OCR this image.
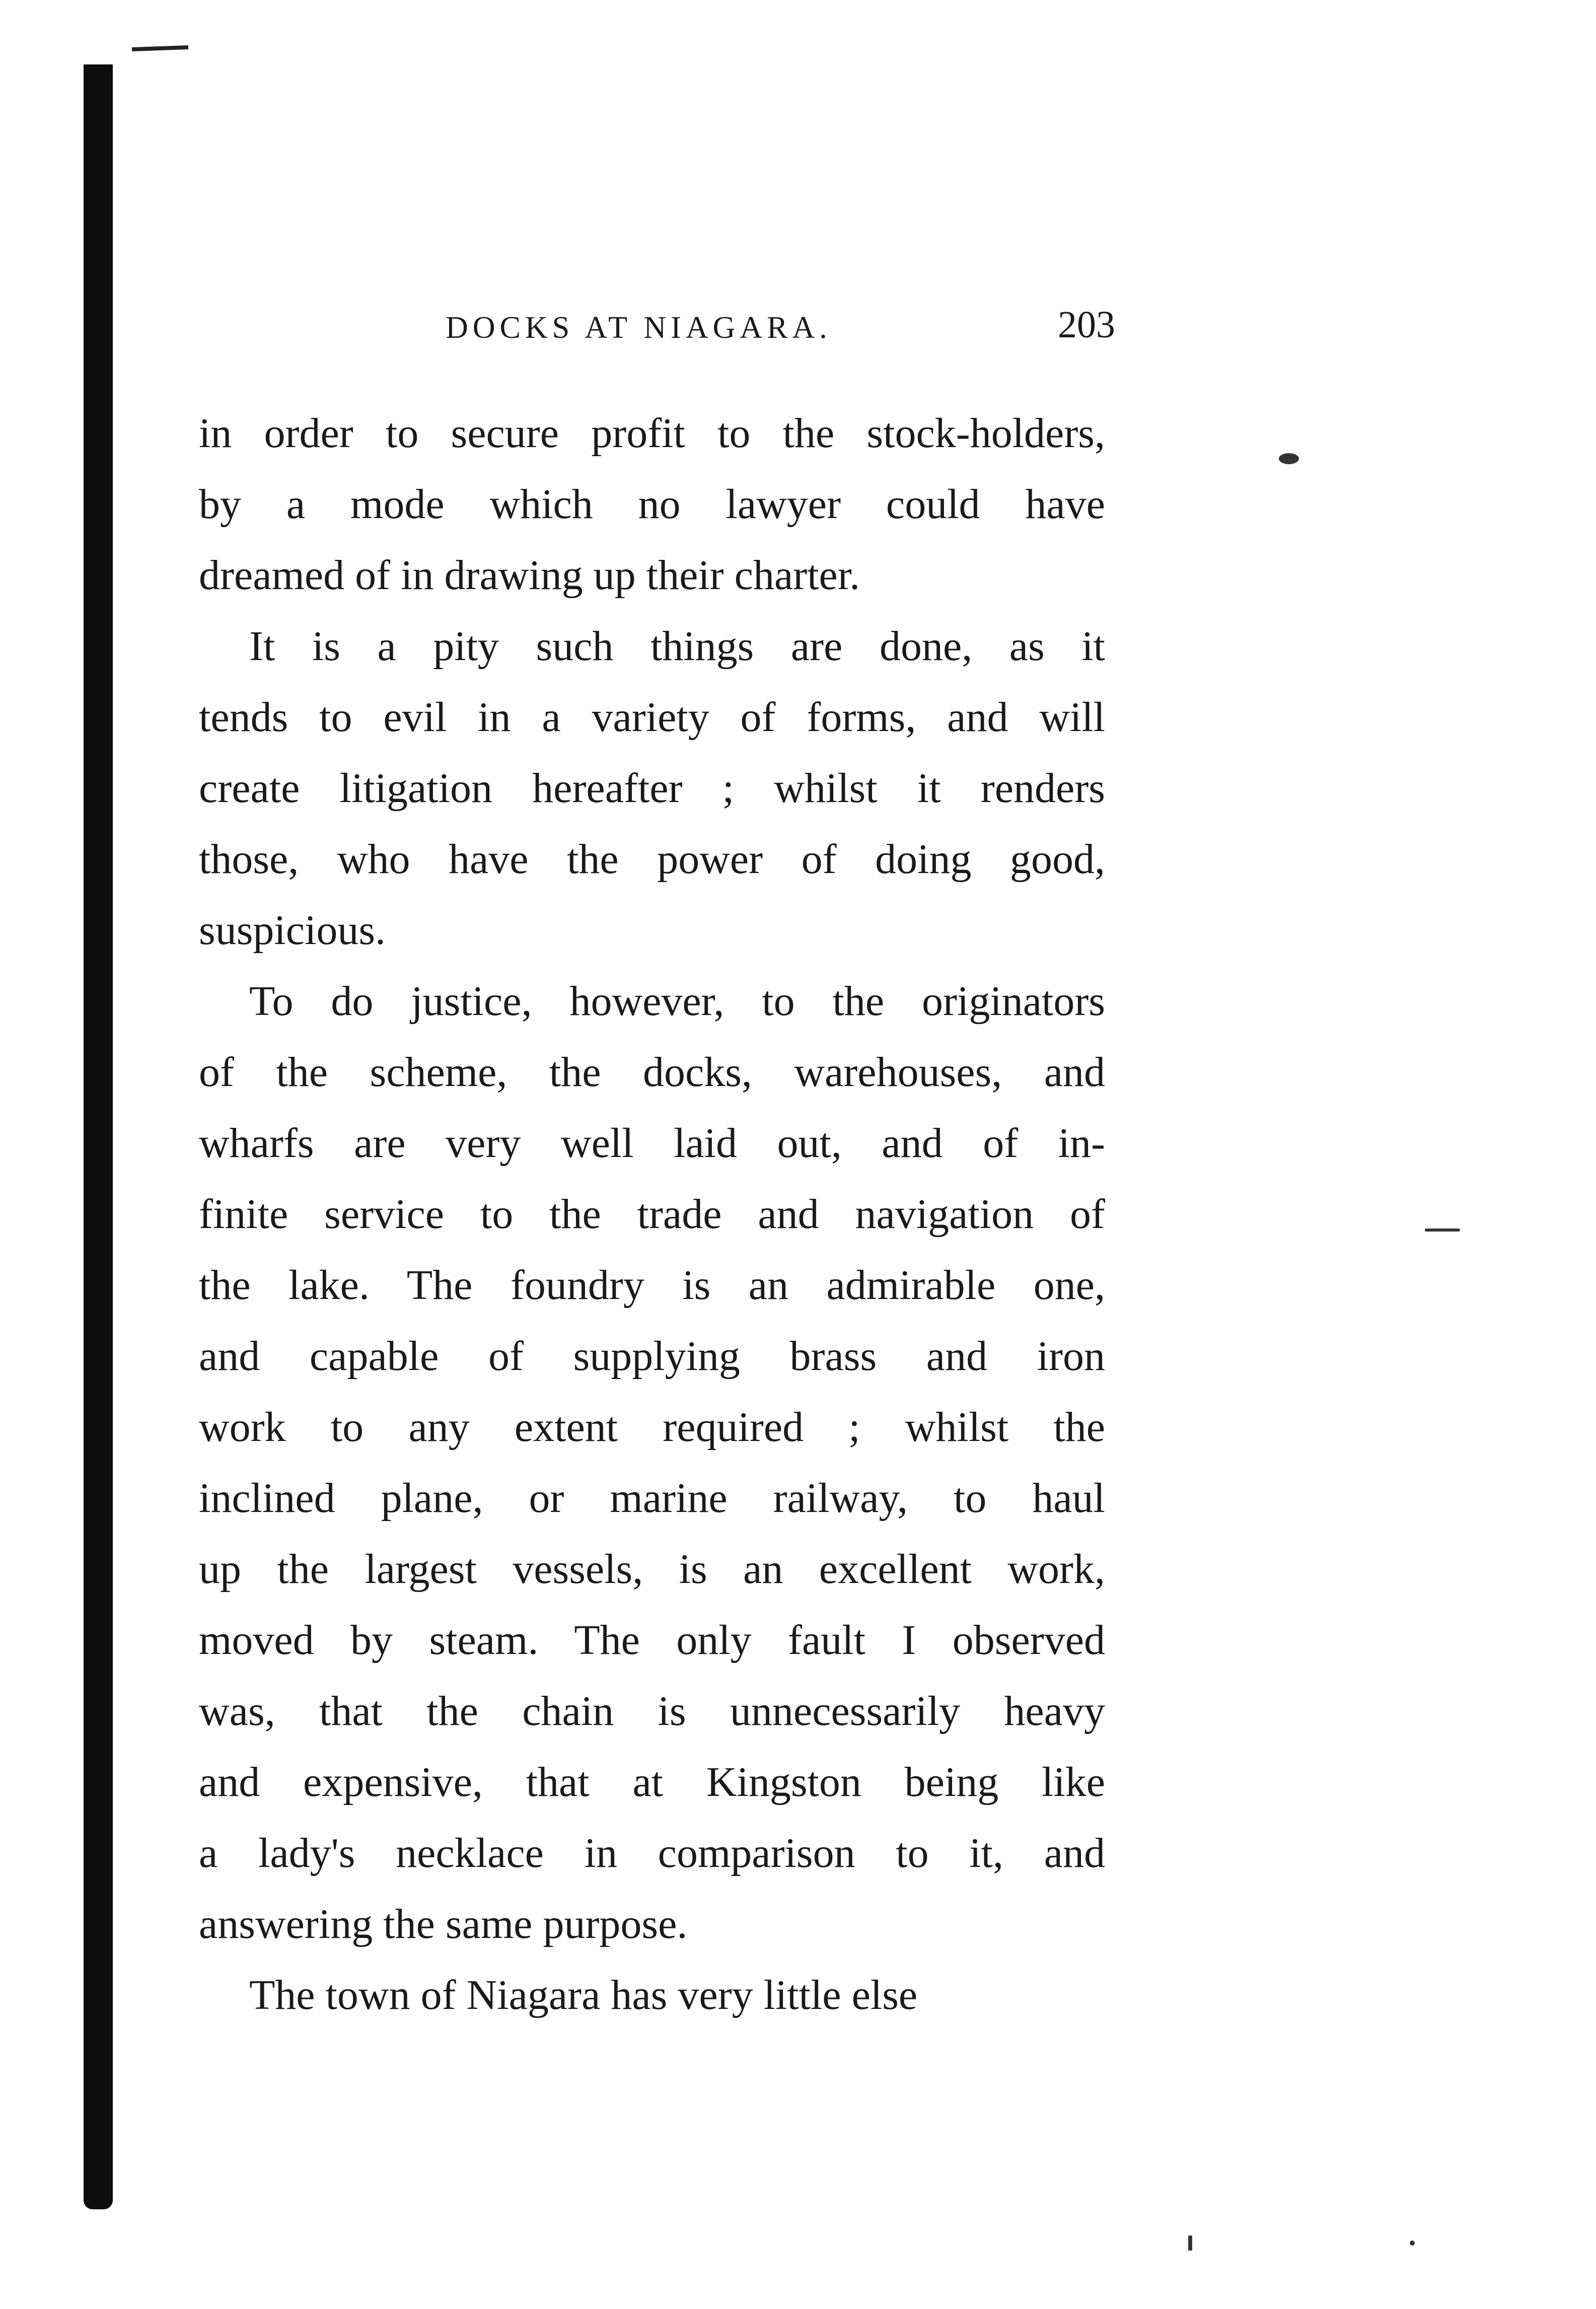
DOCKS AT NIAGARA.	203
in order to secure profit to the stock-holders,
by a mode which no lawyer could have
dreamed of in drawing up their charter.
It is a pity such things are done, as it
tends to evil in a variety of forms, and will
create litigation hereafter ; whilst it renders
those, who have the power of doing good,
suspicious.
To do justice, however, to the originators
of the scheme, the docks, warehouses, and
wharfs are very well laid out, and of in-
finite service to the trade and navigation of
the lake. The foundry is an admirable one,
and capable of supplying brass and iron
work to any extent required ; whilst the
inclined plane, or marine railway, to haul
up the largest vessels, is an excellent work,
moved by steam. The only fault I observed
was, that the chain is unnecessarily heavy
and expensive, that at Kingston being like
a lady's necklace in comparison to it, and
answering the same purpose.
The town of Niagara has very little else
